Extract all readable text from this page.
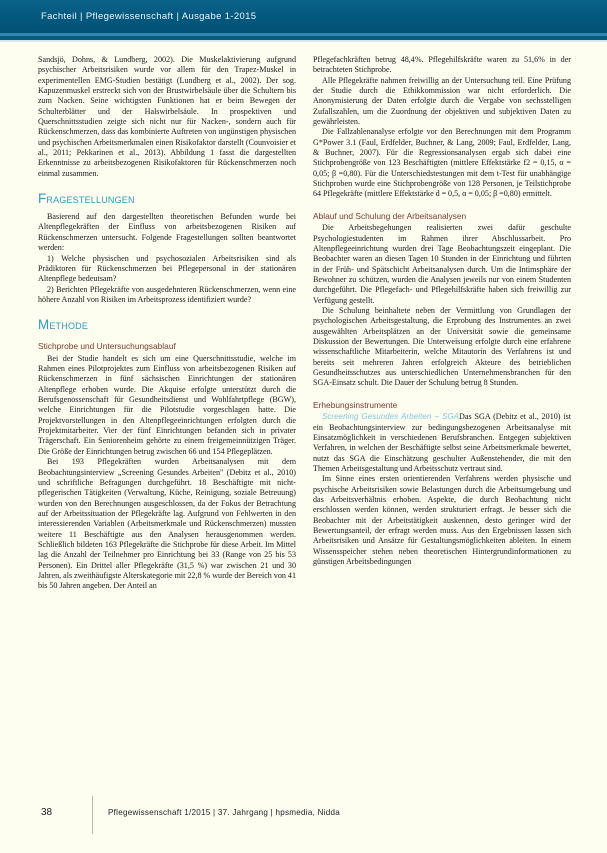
Fachteil | Pflegewissenschaft | Ausgabe 1-2015

Sandsjö, Dohns, & Lundberg, 2002). Die Muskelaktivierung aufgrund psychischer Arbeitsrisiken wurde vor allem für den Trapez-Muskel in experimentellen EMG-Studien bestätigt (Lundberg et al., 2002). Der sog. Kapuzenmuskel erstreckt sich von der Brustwirbelsäule über die Schultern bis zum Nacken. Seine wichtigsten Funktionen hat er beim Bewegen der Schulterblätter und der Halswirbelsäule. In prospektiven und Querschnittsstudien zeigte sich nicht nur für Nacken-, sondern auch für Rückenschmerzen, dass das kombinierte Auftreten von ungünstigen physischen und psychischen Arbeitsmerkmalen einen Risikofaktor darstellt (Counvoisier et al., 2011; Pekkarinen et al., 2013). Abbildung 1 fasst die dargestellten Erkenntnisse zu arbeitsbezogenen Risikofaktoren für Rückenschmerzen noch einmal zusammen.

Fragestellungen

Basierend auf den dargestellten theoretischen Befunden wurde bei Altenpflegekräften der Einfluss von arbeitsbezogenen Risiken auf Rückenschmerzen untersucht. Folgende Fragestellungen sollten beantwortet werden:

1) Welche physischen und psychosozialen Arbeitsrisiken sind als Prädiktoren für Rückenschmerzen bei Pflegepersonal in der stationären Altenpflege bedeutsam?

2) Berichten Pflegekräfte von ausgedehnteren Rückenschmerzen, wenn eine höhere Anzahl von Risiken im Arbeitsprozess identifiziert wurde?

Methode
Stichprobe und Untersuchungsablauf

Bei der Studie handelt es sich um eine Querschnittsstudie, welche im Rahmen eines Pilotprojektes zum Einfluss von arbeitsbezogenen Risiken auf Rückenschmerzen in fünf sächsischen Einrichtungen der stationären Altenpflege erhoben wurde. Die Akquise erfolgte unterstützt durch die Berufsgenossenschaft für Gesundheitsdienst und Wohlfahrtpflege (BGW), welche Einrichtungen für die Pilotstudie vorgeschlagen hatte. Die Projektvorstellungen in den Altenpflegeeinrichtungen erfolgten durch die Projektmitarbeiter. Vier der fünf Einrichtungen befanden sich in privater Trägerschaft. Ein Seniorenheim gehörte zu einem freigemeinnützigen Träger. Die Größe der Einrichtungen betrug zwischen 66 und 154 Pflegeplätzen.

Bei 193 Pflegekräften wurden Arbeitsanalysen mit dem Beobachtungsinterview „Screening Gesundes Arbeiten" (Debitz et al., 2010) und schriftliche Befragungen durchgeführt. 18 Beschäftigte mit nicht-pflegerischen Tätigkeiten (Verwaltung, Küche, Reinigung, soziale Betreuung) wurden von den Berechnungen ausgeschlossen, da der Fokus der Betrachtung auf der Arbeitssituation der Pflegekräfte lag. Aufgrund von Fehlwerten in den interessierenden Variablen (Arbeitsmerkmale und Rückenschmerzen) mussten weitere 11 Beschäftigte aus den Analysen herausgenommen werden. Schließlich bildeten 163 Pflegekräfte die Stichprobe für diese Arbeit. Im Mittel lag die Anzahl der Teilnehmer pro Einrichtung bei 33 (Range von 25 bis 53 Personen). Ein Drittel aller Pflegekräfte (31,5 %) war zwischen 21 und 30 Jahren, als zweithäufigste Alterskategorie mit 22,8 % wurde der Bereich von 41 bis 50 Jahren angeben. Der Anteil an

Pflegefachkräften betrug 48,4%. Pflegehilfskräfte waren zu 51,6% in der betrachteten Stichprobe.

Alle Pflegekräfte nahmen freiwillig an der Untersuchung teil. Eine Prüfung der Studie durch die Ethikkommission war nicht erforderlich. Die Anonymisierung der Daten erfolgte durch die Vergabe von sechsstelligen Zufallszahlen, um die Zuordnung der objektiven und subjektiven Daten zu gewährleisten.

Die Fallzahlenanalyse erfolgte vor den Berechnungen mit dem Programm G*Power 3.1 (Faul, Erdfelder, Buchner, & Lang, 2009; Faul, Erdfelder, Lang, & Buchner, 2007). Für die Regressionsanalysen ergab sich dabei eine Stichprobengröße von 123 Beschäftigten (mittlere Effektstärke f2 = 0,15, α = 0,05; β =0,80). Für die Unterschiedstestungen mit dem t-Test für unabhängige Stichproben wurde eine Stichprobengröße von 128 Personen, je Teilstichprobe 64 Pflegekräfte (mittlere Effektstärke d = 0,5, α = 0,05; β =0,80) ermittelt.

Ablauf und Schulung der Arbeitsanalysen

Die Arbeitsbegehungen realisierten zwei dafür geschulte Psychologiestudenten im Rahmen ihrer Abschlussarbeit. Pro Altenpflegeeinrichtung wurden drei Tage Beobachtungszeit eingeplant. Die Beobachter waren an diesen Tagen 10 Stunden in der Einrichtung und führten in der Früh- und Spätschicht Arbeitsanalysen durch. Um die Intimsphäre der Bewohner zu schützen, wurden die Analysen jeweils nur von einem Studenten durchgeführt. Die Pflegefach- und Pflegehilfskräfte haben sich freiwillig zur Verfügung gestellt.

Die Schulung beinhaltete neben der Vermittlung von Grundlagen der psychologischen Arbeitsgestaltung, die Erprobung des Instrumentes an zwei ausgewählten Arbeitsplätzen an der Universität sowie die gemeinsame Diskussion der Bewertungen. Die Unterweisung erfolgte durch eine erfahrene wissenschaftliche Mitarbeiterin, welche Mitautorin des Verfahrens ist und bereits seit mehreren Jahren erfolgreich Akteure des betrieblichen Gesundheitsschutzes aus unterschiedlichen Unternehmensbranchen für den SGA-Einsatz schult. Die Dauer der Schulung betrug 8 Stunden.

Erhebungsinstrumente

Screening Gesundes Arbeiten – SGADas SGA (Debitz et al., 2010) ist ein Beobachtungsinterview zur bedingungsbezogenen Arbeitsanalyse mit Einsatzmöglichkeit in verschiedenen Berufsbranchen. Entgegen subjektiven Verfahren, in welchen der Beschäftigte selbst seine Arbeitsmerkmale bewertet, nutzt das SGA die Einschätzung geschulter Außenstehender, die mit den Themen Arbeitsgestaltung und Arbeitsschutz vertraut sind.

Im Sinne eines ersten orientierenden Verfahrens werden physische und psychische Arbeitsrisiken sowie Belastungen durch die Arbeitsumgebung und das Arbeitsverhältnis erhoben. Aspekte, die durch Beobachtung nicht erschlossen werden können, werden strukturiert erfragt. Je besser sich die Beobachter mit der Arbeitstätigkeit auskennen, desto geringer wird der Bewertungsanteil, der erfragt werden muss. Aus den Ergebnissen lassen sich Arbeitsrisiken und Ansätze für Gestaltungsmöglichkeiten ableiten. In einem Wissensspeicher stehen neben theoretischen Hintergrundinformationen zu günstigen Arbeitsbedingungen

38	Pflegewissenschaft 1/2015 | 37. Jahrgang | hpsmedia, Nidda
